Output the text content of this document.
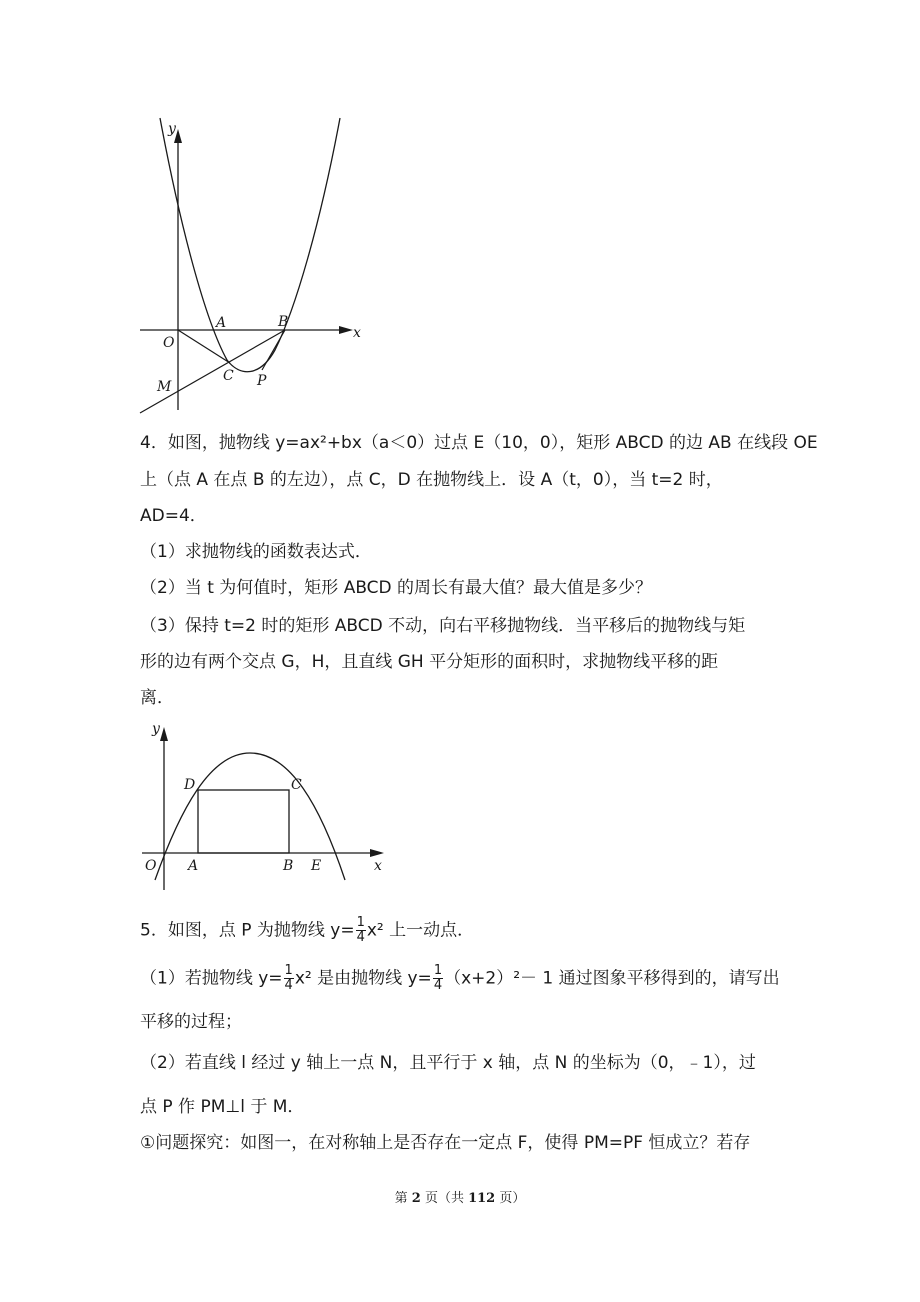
y
x
O
A	B
C P
M
4．如图，抛物线 y=ax²+bx（a＜0）过点 E（10，0），矩形 ABCD 的边 AB 在线段 OE
上（点 A 在点 B 的左边），点 C，D 在抛物线上．设 A（t，0），当 t=2 时，
AD=4．
（1）求抛物线的函数表达式．
（2）当 t 为何值时，矩形 ABCD 的周长有最大值？最大值是多少？
（3）保持 t=2 时的矩形 ABCD 不动，向右平移抛物线．当平移后的抛物线与矩
形的边有两个交点 G，H，且直线 GH 平分矩形的面积时，求抛物线平移的距
离．
y
x
O A	B E
D	C
5．如图，点 P 为抛物线 $y= \frac{1}{4} x^2$ 上一动点．
（1）若抛物线 $y= \frac{1}{4} x^2$ 是由抛物线 $y= \frac{1}{4} (x+2)^2- 1$ 通过图象平移得到的，请写出
平移的过程；
（2）若直线 l 经过 y 轴上一点 N，且平行于 x 轴，点 N 的坐标为（0，﹣1），过
点 P 作 PM⊥l 于 M．
①问题探究：如图一，在对称轴上是否存在一定点 F，使得 PM=PF 恒成立？若存
第 2 页（共 112 页）
